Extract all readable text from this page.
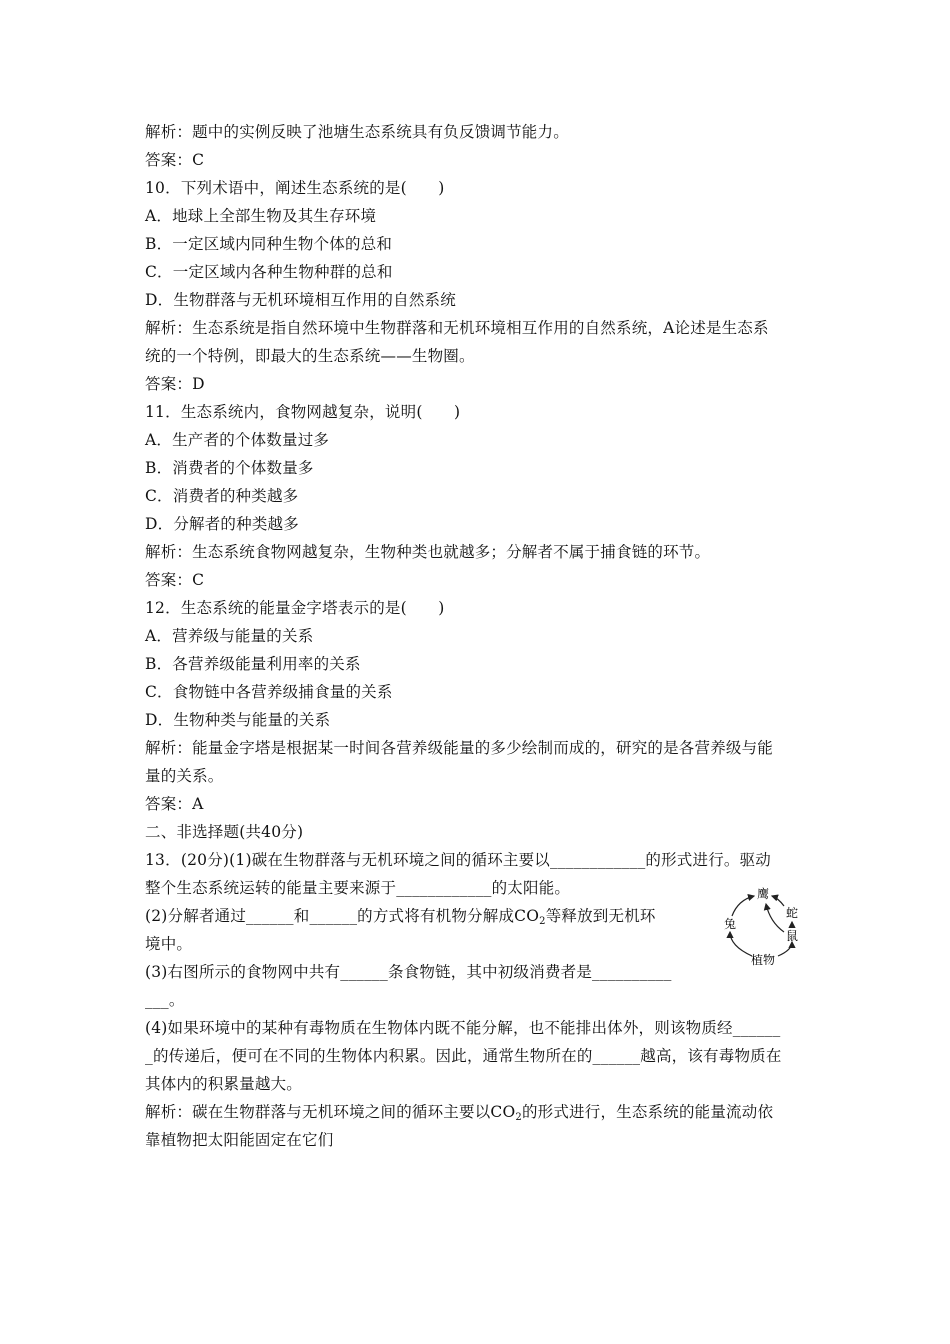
解析：题中的实例反映了池塘生态系统具有负反馈调节能力。
答案：C
10．下列术语中，阐述生态系统的是(　　)
A．地球上全部生物及其生存环境
B．一定区域内同种生物个体的总和
C．一定区域内各种生物种群的总和
D．生物群落与无机环境相互作用的自然系统
解析：生态系统是指自然环境中生物群落和无机环境相互作用的自然系统，A论述是生态系
统的一个特例，即最大的生态系统——生物圈。
答案：D
11．生态系统内，食物网越复杂，说明(　　)
A．生产者的个体数量过多
B．消费者的个体数量多
C．消费者的种类越多
D．分解者的种类越多
解析：生态系统食物网越复杂，生物种类也就越多；分解者不属于捕食链的环节。
答案：C
12．生态系统的能量金字塔表示的是(　　)
A．营养级与能量的关系
B．各营养级能量利用率的关系
C．食物链中各营养级捕食量的关系
D．生物种类与能量的关系
解析：能量金字塔是根据某一时间各营养级能量的多少绘制而成的，研究的是各营养级与能
量的关系。
答案：A
二、非选择题(共40分)
13．(20分)(1)碳在生物群落与无机环境之间的循环主要以____________的形式进行。驱动
整个生态系统运转的能量主要来源于____________的太阳能。
(2)分解者通过______和______的方式将有机物分解成$CO_2$等释放到无机环
境中。
(3)右图所示的食物网中共有______条食物链，其中初级消费者是__________
___。
(4)如果环境中的某种有毒物质在生物体内既不能分解，也不能排出体外，则该物质经______
_的传递后，便可在不同的生物体内积累。因此，通常生物所在的______越高，该有毒物质在
其体内的积累量越大。
解析：碳在生物群落与无机环境之间的循环主要以$CO_2$的形式进行，生态系统的能量流动依
靠植物把太阳能固定在它们
鹰
蛇
兔
鼠
植物
